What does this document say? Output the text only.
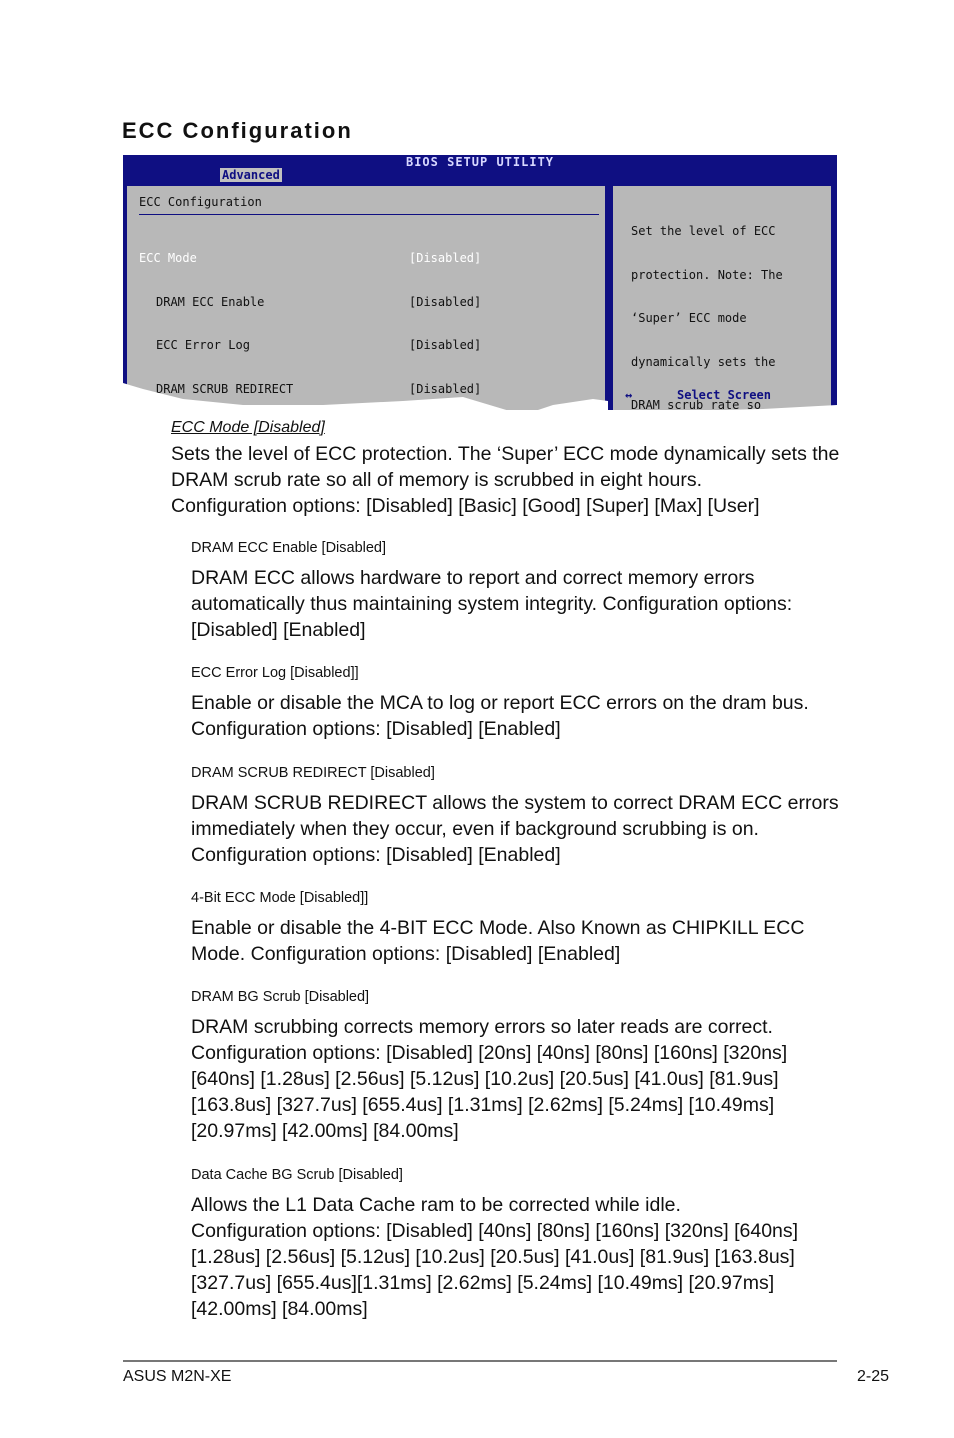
ECC Configuration
BIOS SETUP UTILITY
Advanced
ECC Configuration

ECC Mode	[Disabled]

DRAM ECC Enable	[Disabled]

ECC Error Log	[Disabled]

DRAM SCRUB REDIRECT	[Disabled]

Set the level of ECC

protection. Note: The

‘Super’ ECC mode

dynamically sets the

DRAM scrub rate so

↔	Select Screen

ECC Mode [Disabled]
Sets the level of ECC protection. The ‘Super’ ECC mode dynamically sets the
DRAM scrub rate so all of memory is scrubbed in eight hours.
Configuration options: [Disabled] [Basic] [Good] [Super] [Max] [User]
DRAM ECC Enable [Disabled]
DRAM ECC allows hardware to report and correct memory errors
automatically thus maintaining system integrity. Configuration options:
[Disabled] [Enabled]
ECC Error Log [Disabled]]
Enable or disable the MCA to log or report ECC errors on the dram bus.
Configuration options: [Disabled] [Enabled]
DRAM SCRUB REDIRECT [Disabled]
DRAM SCRUB REDIRECT allows the system to correct DRAM ECC errors
immediately when they occur, even if background scrubbing is on.
Configuration options: [Disabled] [Enabled]
4-Bit ECC Mode [Disabled]]
Enable or disable the 4-BIT ECC Mode. Also Known as CHIPKILL ECC
Mode. Configuration options: [Disabled] [Enabled]
DRAM BG Scrub [Disabled]
DRAM scrubbing corrects memory errors so later reads are correct.
Configuration options: [Disabled] [20ns] [40ns] [80ns] [160ns] [320ns]
[640ns] [1.28us] [2.56us] [5.12us] [10.2us] [20.5us] [41.0us] [81.9us]
[163.8us] [327.7us] [655.4us] [1.31ms] [2.62ms] [5.24ms] [10.49ms]
[20.97ms] [42.00ms] [84.00ms]
Data Cache BG Scrub [Disabled]
Allows the L1 Data Cache ram to be corrected while idle.
Configuration options: [Disabled] [40ns] [80ns] [160ns] [320ns] [640ns]
[1.28us] [2.56us] [5.12us] [10.2us] [20.5us] [41.0us] [81.9us] [163.8us]
[327.7us] [655.4us][1.31ms] [2.62ms] [5.24ms] [10.49ms] [20.97ms]
[42.00ms] [84.00ms]
ASUS M2N-XE	2-25
